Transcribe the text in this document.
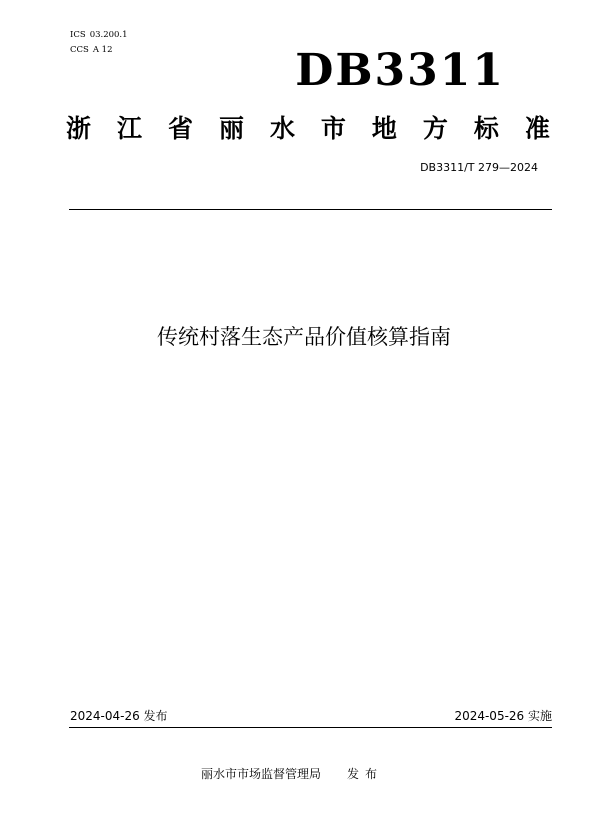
ICS 03.200.1
CCS A 12	DB3311
浙 江 省 丽 水 市 地 方 标 准
DB3311/T 279—2024
传统村落生态产品价值核算指南
2024-04-26 发布	2024-05-26 实施
丽水市市场监督管理局 发布
